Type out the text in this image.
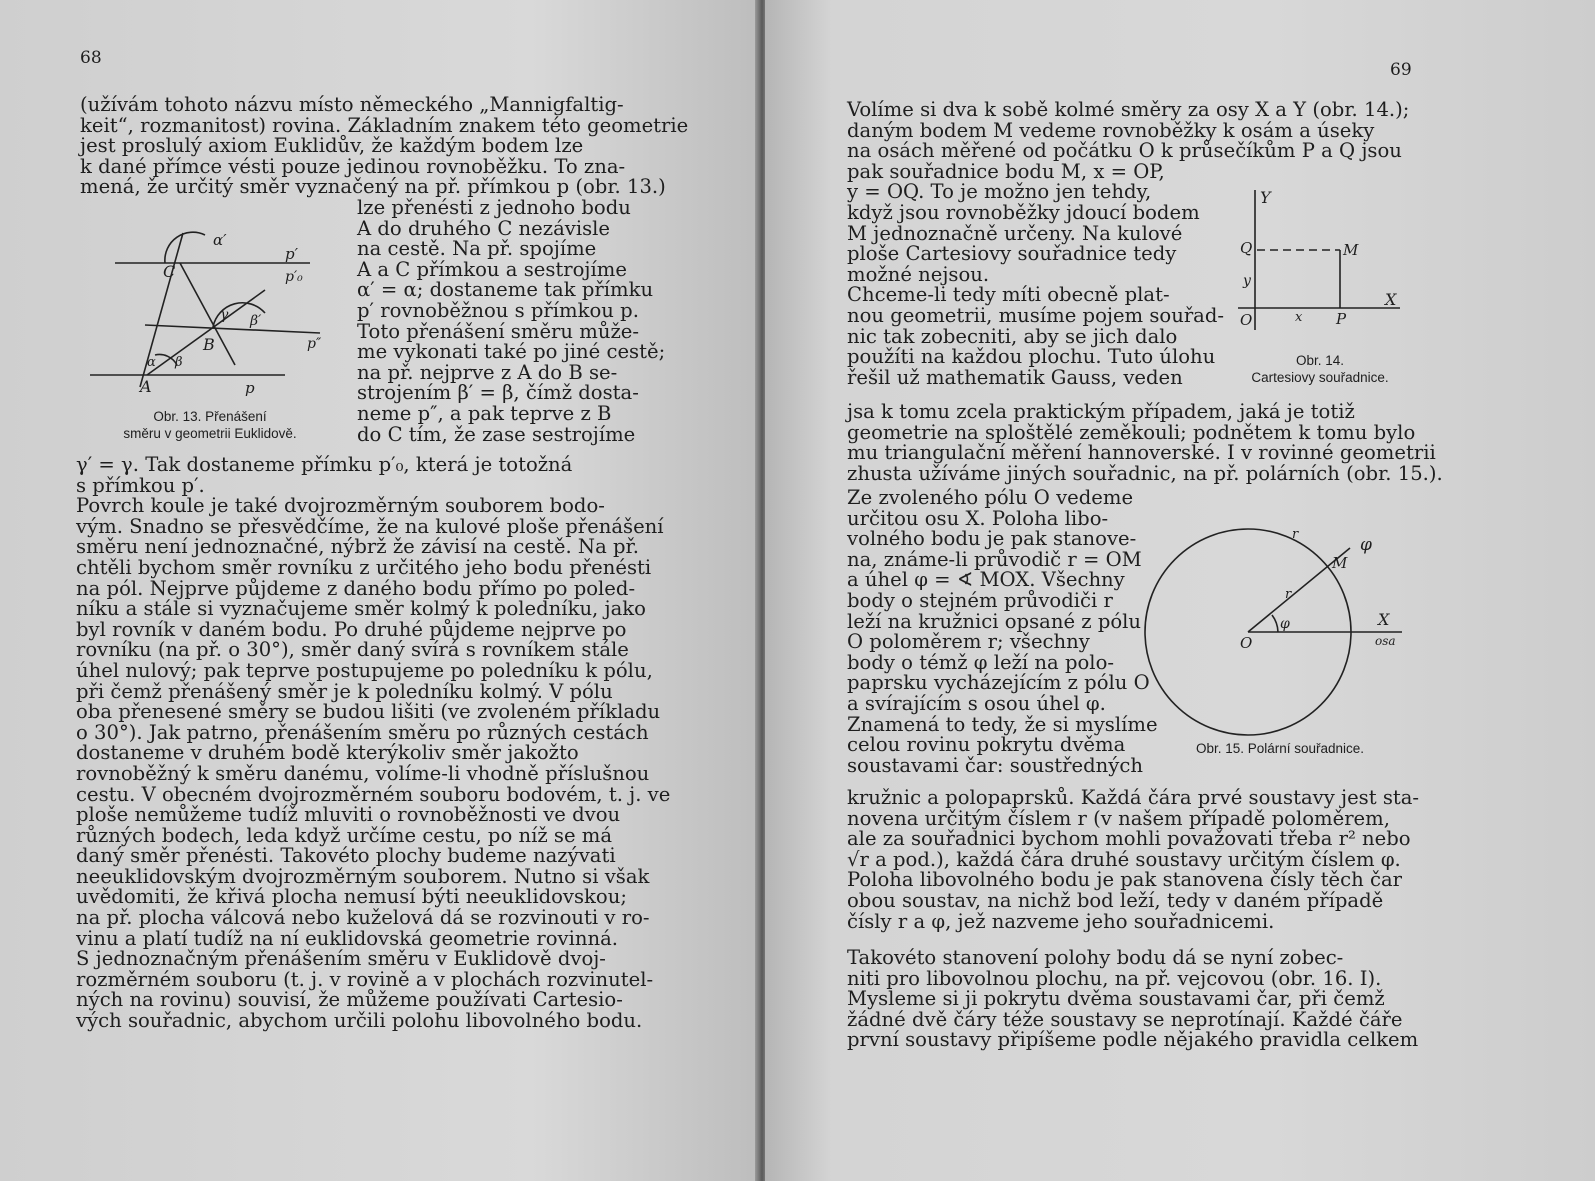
68
(užívám tohoto názvu místo německého „Mannigfaltig-
keit“, rozmanitost) rovina. Základním znakem této geometrie
jest proslulý axiom Euklidův, že každým bodem lze
k dané přímce vésti pouze jedinou rovnoběžku. To zna-
mená, že určitý směr vyznačený na př. přímkou p (obr. 13.)
lze přenésti z jednoho bodu
A do druhého C nezávisle
na cestě. Na př. spojíme
A a C přímkou a sestrojíme
α′ = α; dostaneme tak přímku
p′ rovnoběžnou s přímkou p.
Toto přenášení směru může-
me vykonati také po jiné cestě;
na př. nejprve z A do B se-
strojením β′ = β, čímž dosta-
neme p″, a pak teprve z B
do C tím, že zase sestrojíme
γ′ = γ. Tak dostaneme přímku p′₀, která je totožná
s přímkou p′.
Povrch koule je také dvojrozměrným souborem bodo-
vým. Snadno se přesvědčíme, že na kulové ploše přenášení
směru není jednoznačné, nýbrž že závisí na cestě. Na př.
chtěli bychom směr rovníku z určitého jeho bodu přenésti
na pól. Nejprve půjdeme z daného bodu přímo po poled-
níku a stále si vyznačujeme směr kolmý k poledníku, jako
byl rovník v daném bodu. Po druhé půjdeme nejprve po
rovníku (na př. o 30°), směr daný svírá s rovníkem stále
úhel nulový; pak teprve postupujeme po poledníku k pólu,
při čemž přenášený směr je k poledníku kolmý. V pólu
oba přenesené směry se budou lišiti (ve zvoleném příkladu
o 30°). Jak patrno, přenášením směru po různých cestách
dostaneme v druhém bodě kterýkoliv směr jakožto
rovnoběžný k směru danému, volíme-li vhodně příslušnou
cestu. V obecném dvojrozměrném souboru bodovém, t. j. ve
ploše nemůžeme tudíž mluviti o rovnoběžnosti ve dvou
různých bodech, leda když určíme cestu, po níž se má
daný směr přenésti. Takovéto plochy budeme nazývati
neeuklidovským dvojrozměrným souborem. Nutno si však
uvědomiti, že křivá plocha nemusí býti neeuklidovskou;
na př. plocha válcová nebo kuželová dá se rozvinouti v ro-
vinu a platí tudíž na ní euklidovská geometrie rovinná.
S jednoznačným přenášením směru v Euklidově dvoj-
rozměrném souboru (t. j. v rovině a v plochách rozvinutel-
ných na rovinu) souvisí, že můžeme používati Cartesio-
vých souřadnic, abychom určili polohu libovolného bodu.
α′
p′
p′₀
C
γ β′
p″
B
α β
A	p
Obr. 13. Přenášení
směru v geometrii Euklidově.
69
Volíme si dva k sobě kolmé směry za osy X a Y (obr. 14.);
daným bodem M vedeme rovnoběžky k osám a úseky
na osách měřené od počátku O k průsečíkům P a Q jsou
pak souřadnice bodu M, x = OP,
y = OQ. To je možno jen tehdy,
když jsou rovnoběžky jdoucí bodem
M jednoznačně určeny. Na kulové
ploše Cartesiovy souřadnice tedy
možné nejsou.
Chceme-li tedy míti obecně plat-
nou geometrii, musíme pojem souřad-
nic tak zobecniti, aby se jich dalo
použíti na každou plochu. Tuto úlohu
řešil už mathematik Gauss, veden
jsa k tomu zcela praktickým případem, jaká je totiž
geometrie na sploštělé zeměkouli; podnětem k tomu bylo
mu triangulační měření hannoverské. I v rovinné geometrii
zhusta užíváme jiných souřadnic, na př. polárních (obr. 15.).
Ze zvoleného pólu O vedeme
určitou osu X. Poloha libo-
volného bodu je pak stanove-
na, známe-li průvodič r = OM
a úhel φ = ∢ MOX. Všechny
body o stejném průvodiči r
leží na kružnici opsané z pólu
O poloměrem r; všechny
body o témž φ leží na polo-
paprsku vycházejícím z pólu O
a svírajícím s osou úhel φ.
Znamená to tedy, že si myslíme
celou rovinu pokrytu dvěma
soustavami čar: soustředných
kružnic a polopaprsků. Každá čára prvé soustavy jest sta-
novena určitým číslem r (v našem případě poloměrem,
ale za souřadnici bychom mohli považovati třeba r² nebo
√r a pod.), každá čára druhé soustavy určitým číslem φ.
Poloha libovolného bodu je pak stanovena čísly těch čar
obou soustav, na nichž bod leží, tedy v daném případě
čísly r a φ, jež nazveme jeho souřadnicemi.
Takovéto stanovení polohy bodu dá se nyní zobec-
niti pro libovolnou plochu, na př. vejcovou (obr. 16. I).
Mysleme si ji pokrytu dvěma soustavami čar, při čemž
žádné dvě čáry téže soustavy se neprotínají. Každé čáře
první soustavy připíšeme podle nějakého pravidla celkem
Y
Q	M
y
O	x P
X
Obr. 14.
Cartesiovy souřadnice.
r
φ
M
r
φ	X
O	osa
Obr. 15. Polární souřadnice.
